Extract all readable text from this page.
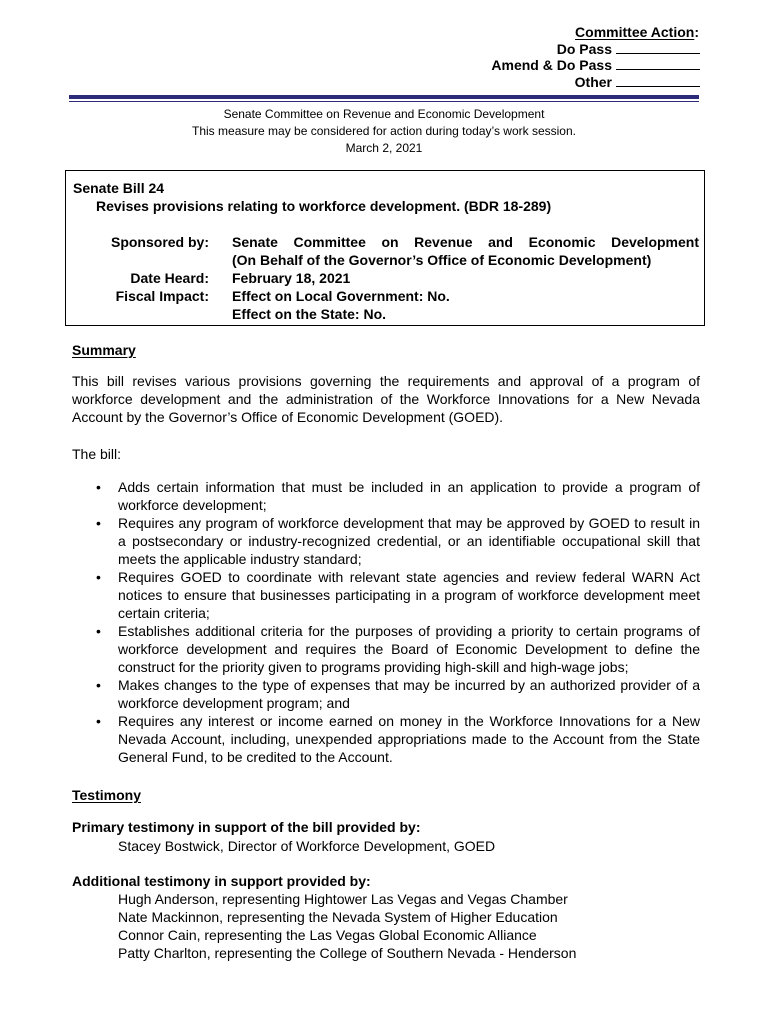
Committee Action :
Do Pass
Amend & Do Pass
Other
Senate Committee on Revenue and Economic Development
This measure may be considered for action during today’s work session.
March 2, 2021
Senate Bill 24
Revises provisions relating to workforce development. (BDR 18-289)
Sponsored by:

Date Heard:
Fiscal Impact:
Senate Committee on Revenue and Economic Development
(On Behalf of the Governor’s Office of Economic Development)
February 18, 2021
Effect on Local Government: No.
Effect on the State: No.
Summary
This bill revises various provisions governing the requirements and approval of a program of workforce development and the administration of the Workforce Innovations for a New Nevada Account by the Governor’s Office of Economic Development (GOED).
The bill:
• Adds certain information that must be included in an application to provide a program of workforce development;
• Requires any program of workforce development that may be approved by GOED to result in a postsecondary or industry-recognized credential, or an identifiable occupational skill that meets the applicable industry standard;
• Requires GOED to coordinate with relevant state agencies and review federal WARN Act notices to ensure that businesses participating in a program of workforce development meet certain criteria;
• Establishes additional criteria for the purposes of providing a priority to certain programs of workforce development and requires the Board of Economic Development to define the construct for the priority given to programs providing high-skill and high-wage jobs;
• Makes changes to the type of expenses that may be incurred by an authorized provider of a workforce development program; and
• Requires any interest or income earned on money in the Workforce Innovations for a New Nevada Account, including, unexpended appropriations made to the Account from the State General Fund, to be credited to the Account.
Testimony
Primary testimony in support of the bill provided by:
Stacey Bostwick, Director of Workforce Development, GOED
Additional testimony in support provided by:
Hugh Anderson, representing Hightower Las Vegas and Vegas Chamber
Nate Mackinnon, representing the Nevada System of Higher Education
Connor Cain, representing the Las Vegas Global Economic Alliance
Patty Charlton, representing the College of Southern Nevada - Henderson
